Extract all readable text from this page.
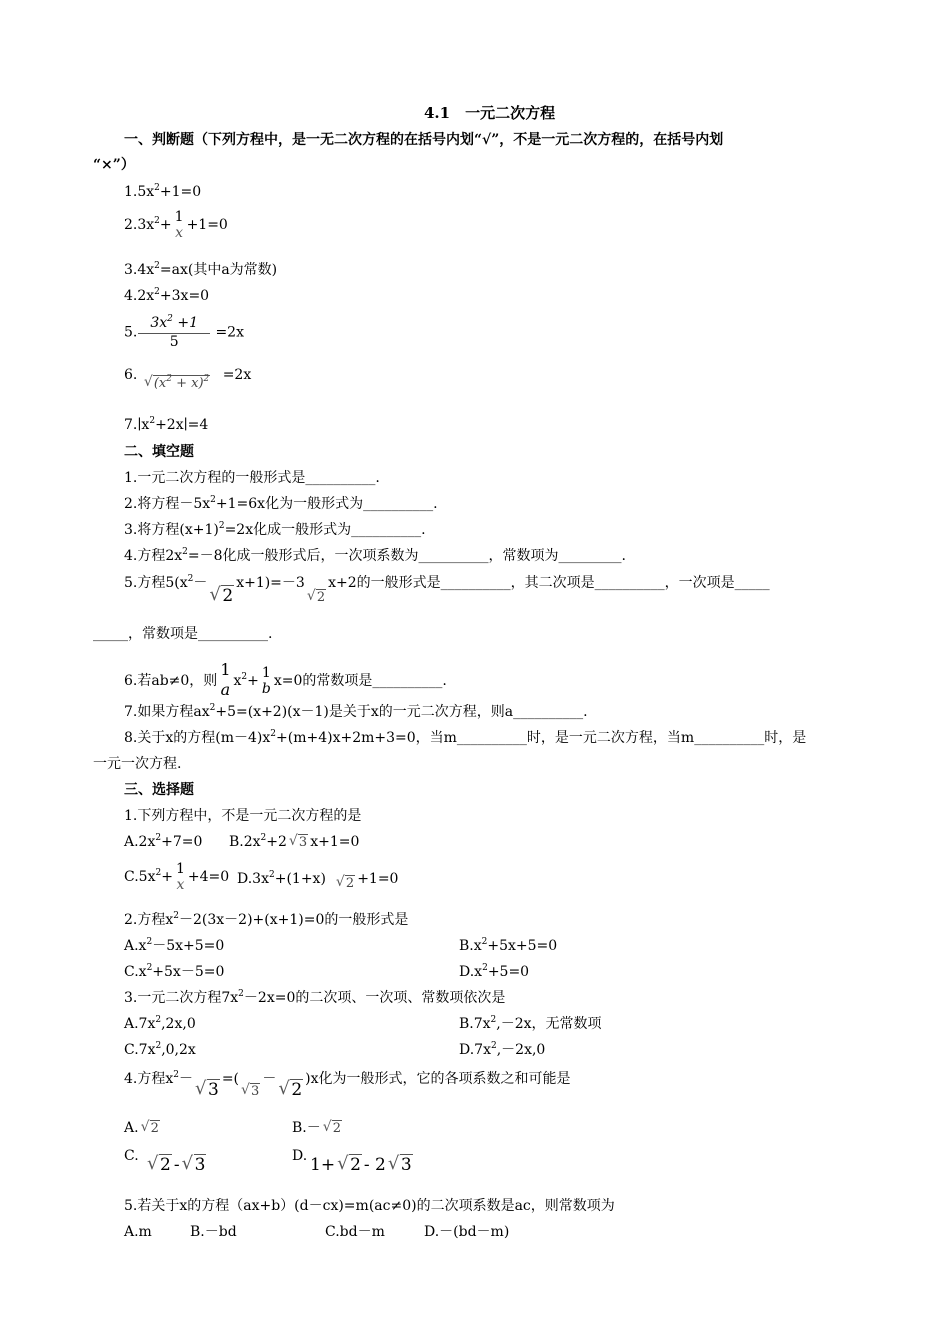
4.1　一元二次方程
一、判断题（下列方程中，是一无二次方程的在括号内划“√”，不是一元二次方程的，在括号内划
“×”）
$1.5x^2+1=0$
$2.3x^2+ 1$
x +1=0
$3.4x^2=ax$(其中a为常数)
$4.2x^2+3x=0$
5. $\frac{3x^2 +1}{5} =2x$
6. √ $(x^2 + x)^2 =2x$
$7.∣x^2+2x∣=4$
二、填空题
1.一元二次方程的一般形式是__________.
2.将方程$-5x^2+1=6x$化为一般形式为__________.
3.将方程$(x+1)^2=2x$化成一般形式为__________.
4.方程$2x^2=-8$化成一般形式后，一次项系数为__________，常数项为_________.
5.方程$5(x^2-√$ 2x+1)=－3√ 2x+2的一般形式是__________，其二次项是__________，一次项是_____
_____，常数项是__________.
6.若ab≠0，则
1
a $x^2+ 1$
b x=0的常数项是__________.
7.如果方程$ax^2+5=(x+2)(x-1)$是关于x的一元二次方程，则a__________.
8.关于x的方程$(m-4)x^2+(m+4)x+2m+3=0$，当m__________时，是一元二次方程，当m__________时，是
一元一次方程.
三、选择题
1.下列方程中，不是一元二次方程的是
$A.2x^2+7=0$ $B.2x^2+2√$ 3 x+1=0
$C.5x^2+ 1$
x +4=0 $D.3x^2+(1+x)√$ 2 +1=0
2.方程$x^2-2(3x-2)+(x+1)=0$的一般形式是
$A.x^2-5x+5=0$	$B.x^2+5x+5=0$
$C.x^2+5x-5=0$	$D.x^2+5=0$
3.一元二次方程$7x^2-2x=0$的二次项、一次项、常数项依次是
$A.7x^2,2x,0$	$B.7x^2,-2x$，无常数项
$C.7x^2,0,2x$	$D.7x^2,-2x,0$
4.方程$x^2-√$ 3=(√ 3－√ 2)x化为一般形式，它的各项系数之和可能是
A.√ 2	B.－√ 2
C.
√	2 -√ 3	D. 1+√ 2 - 2√ 3
5.若关于x的方程（ax+b）(d－cx)=m(ac≠0)的二次项系数是ac，则常数项为
A.m	B.－bd	C.bd－m	D.－(bd－m)
